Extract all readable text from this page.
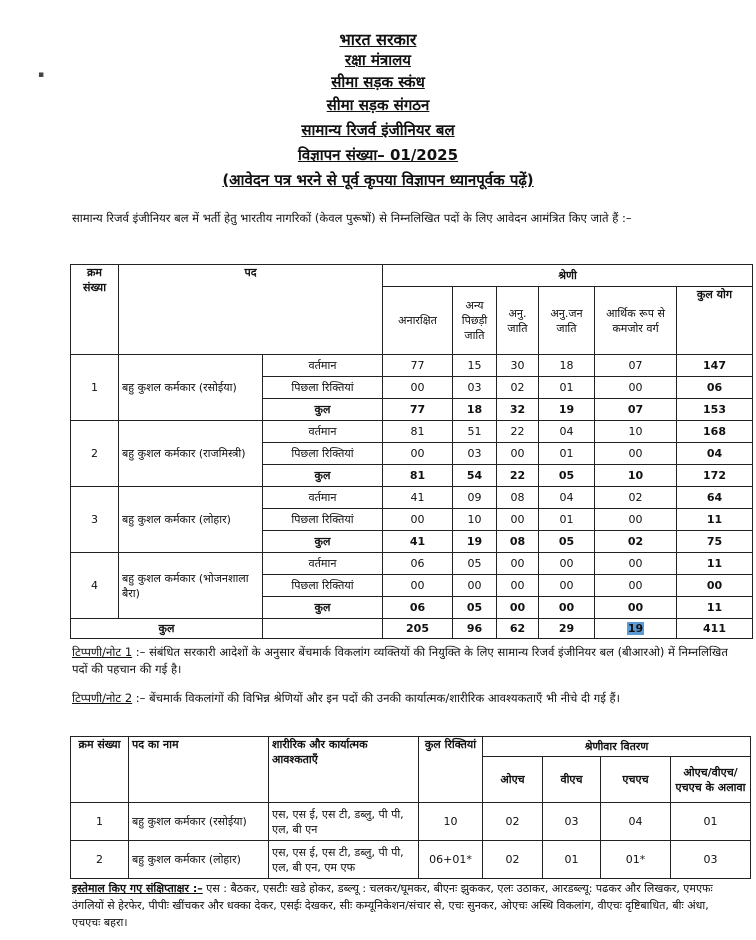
▪
भारत सरकार
रक्षा मंत्रालय
सीमा सड़क स्कंध
सीमा सड़क संगठन
सामान्य रिजर्व इंजीनियर बल
विज्ञापन संख्या– 01/2025
(आवेदन पत्र भरने से पूर्व कृपया विज्ञापन ध्यानपूर्वक पढ़ें)
सामान्य रिजर्व इंजीनियर बल में भर्ती हेतु भारतीय नागरिकों (केवल पुरूषों) से निम्नलिखित पदों के लिए आवेदन आमंत्रित किए जाते हैं :–
क्रम संख्या	पद		श्रेणी					
			अनारक्षित	अन्य पिछड़ी जाति	अनु. जाति	अनु.जन जाति	आर्थिक रूप से कमजोर वर्ग	कुल योग
1	बहु कुशल कर्मकार (रसोईया)	वर्तमान	77	15	30	18	07	147
		पिछला रिक्तियां	00	03	02	01	00	06
		कुल	77	18	32	19	07	153
2	बहु कुशल कर्मकार (राजमिस्त्री)	वर्तमान	81	51	22	04	10	168
		पिछला रिक्तियां	00	03	00	01	00	04
		कुल	81	54	22	05	10	172
3	बहु कुशल कर्मकार (लोहार)	वर्तमान	41	09	08	04	02	64
		पिछला रिक्तियां	00	10	00	01	00	11
		कुल	41	19	08	05	02	75
4	बहु कुशल कर्मकार (भोजनशाला बैरा)	वर्तमान	06	05	00	00	00	11
		पिछला रिक्तियां	00	00	00	00	00	00
		कुल	06	05	00	00	00	11
कुल			205	96	62	29	19	411
टिप्पणी/नोट 1 :– संबंधित सरकारी आदेशों के अनुसार बेंचमार्क विकलांग व्यक्तियों की नियुक्ति के लिए सामान्य रिजर्व इंजीनियर बल (बीआरओ) में निम्नलिखित पदों की पहचान की गई है।
टिप्पणी/नोट 2 :– बेंचमार्क विकलांगों की विभिन्न श्रेणियों और इन पदों की उनकी कार्यात्मक/शारीरिक आवश्यकताएँ भी नीचे दी गई हैं।
क्रम संख्या	पद का नाम	शारीरिक और कार्यात्मक आवश्कताएँ	कुल रिक्तियां	श्रेणीवार वितरण			
				ओएच	वीएच	एचएच	ओएच/वीएच/एचएच के अलावा
1	बहु कुशल कर्मकार (रसोईया)	एस, एस ई, एस टी, डब्लु, पी पी, एल, बी एन	10	02	03	04	01
2	बहु कुशल कर्मकार (लोहार)	एस, एस ई, एस टी, डब्लु, पी पी, एल, बी एन, एम एफ	06+01*	02	01	01*	03
इस्तेमाल किए गए संक्षिप्ताक्षर :– एस : बैठकर, एसटीः खडे होकर, डब्ल्यू : चलकर/घूमकर, बीएनः झुककर, एलः उठाकर, आरडब्ल्यू: पढकर और लिखकर, एमएफः उंगलियों से हेरफेर, पीपीः खींचकर और धक्का देकर, एसईः देखकर, सीः कम्यूनिकेशन/संचार से, एचः सुनकर, ओएचः अस्थि विकलांग, वीएचः दृष्टिबाधित, बीः अंधा, एचएचः बहरा।
